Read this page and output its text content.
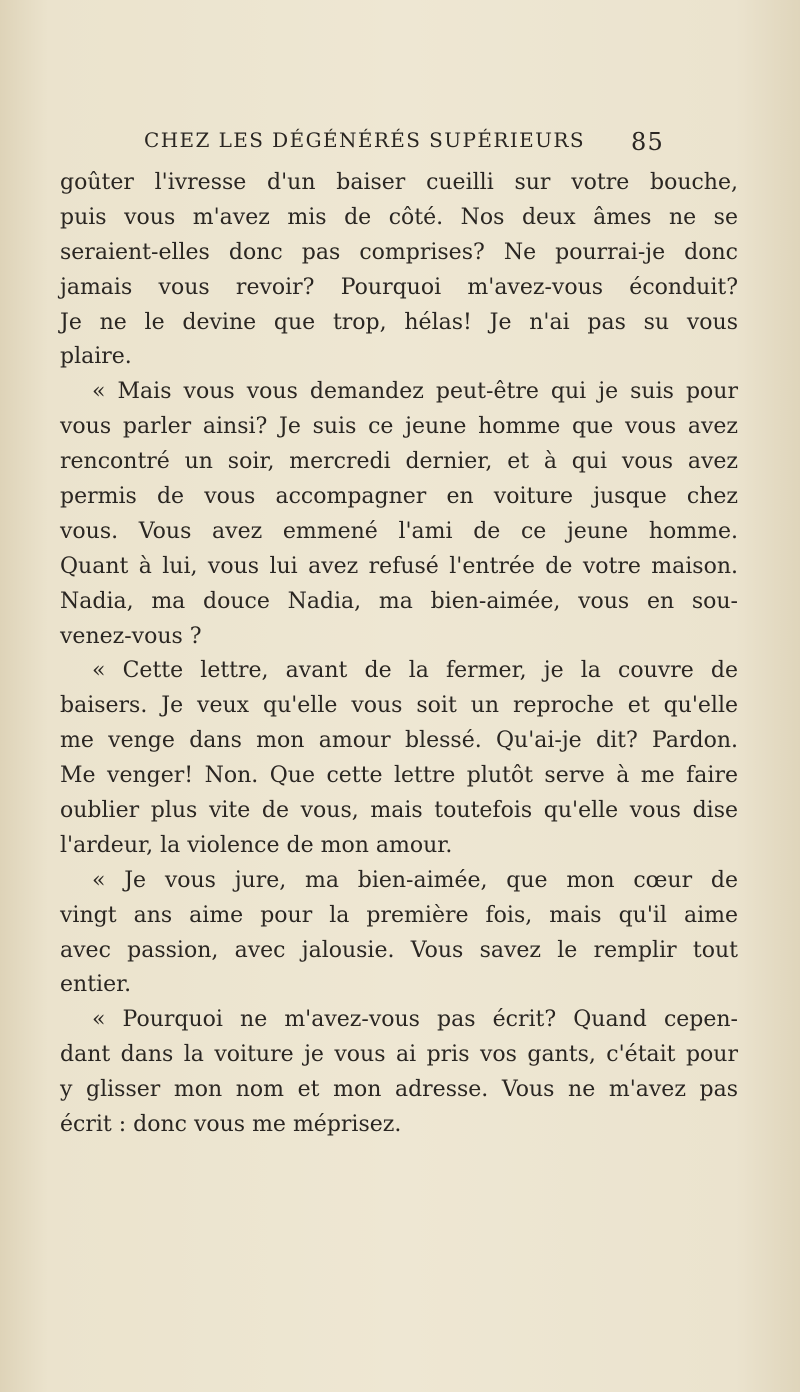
CHEZ LES DÉGÉNÉRÉS SUPÉRIEURS 85
goûter l'ivresse d'un baiser cueilli sur votre bouche,
puis vous m'avez mis de côté. Nos deux âmes ne se
seraient-elles donc pas comprises? Ne pourrai-je donc
jamais vous revoir? Pourquoi m'avez-vous éconduit?
Je ne le devine que trop, hélas! Je n'ai pas su vous
plaire.
« Mais vous vous demandez peut-être qui je suis pour
vous parler ainsi? Je suis ce jeune homme que vous avez
rencontré un soir, mercredi dernier, et à qui vous avez
permis de vous accompagner en voiture jusque chez
vous. Vous avez emmené l'ami de ce jeune homme.
Quant à lui, vous lui avez refusé l'entrée de votre maison.
Nadia, ma douce Nadia, ma bien-aimée, vous en sou-
venez-vous ?
« Cette lettre, avant de la fermer, je la couvre de
baisers. Je veux qu'elle vous soit un reproche et qu'elle
me venge dans mon amour blessé. Qu'ai-je dit? Pardon.
Me venger! Non. Que cette lettre plutôt serve à me faire
oublier plus vite de vous, mais toutefois qu'elle vous dise
l'ardeur, la violence de mon amour.
« Je vous jure, ma bien-aimée, que mon cœur de
vingt ans aime pour la première fois, mais qu'il aime
avec passion, avec jalousie. Vous savez le remplir tout
entier.
« Pourquoi ne m'avez-vous pas écrit? Quand cepen-
dant dans la voiture je vous ai pris vos gants, c'était pour
y glisser mon nom et mon adresse. Vous ne m'avez pas
écrit : donc vous me méprisez.
